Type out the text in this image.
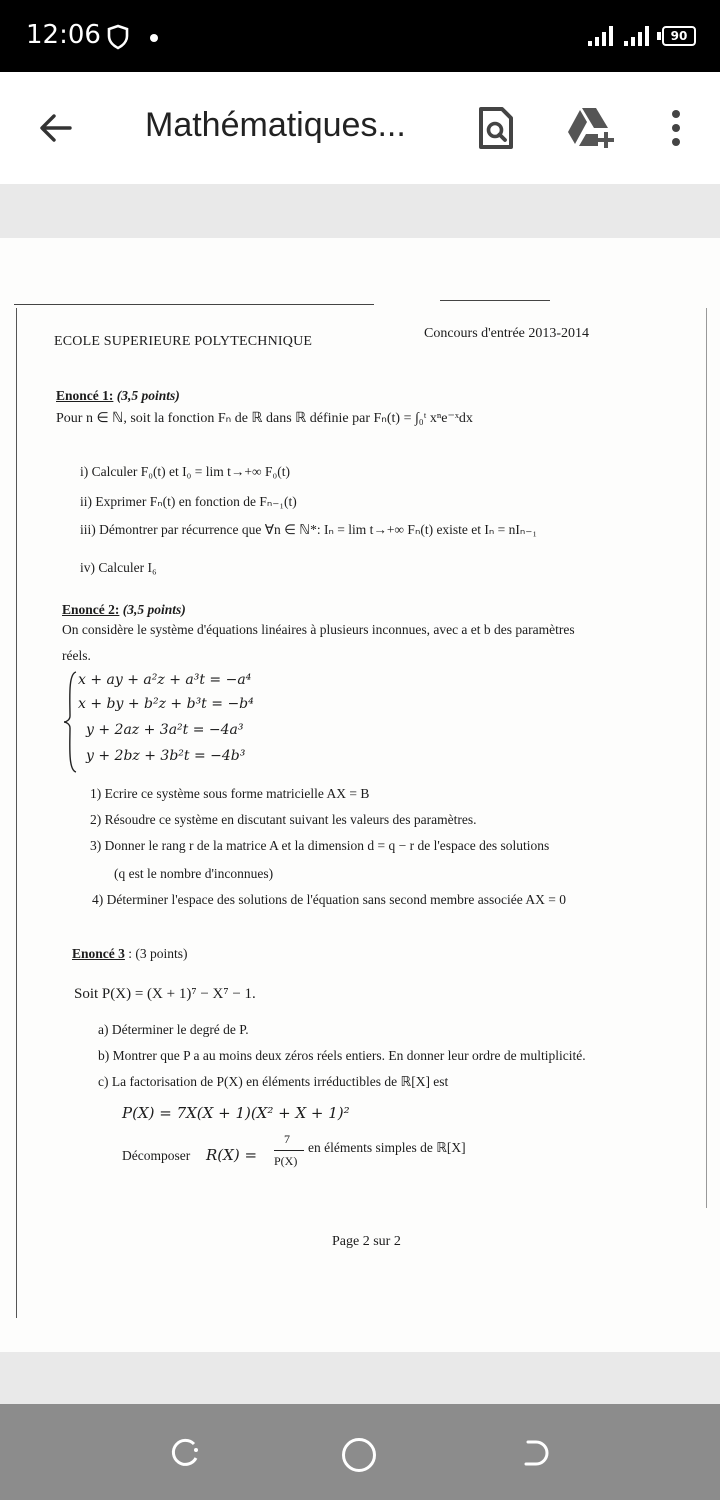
12:06	90
Mathématiques...
ECOLE SUPERIEURE POLYTECHNIQUE
Concours d'entrée 2013-2014
Enoncé 1: (3,5 points)
Pour n ∈ ℕ, soit la fonction Fₙ de ℝ dans ℝ définie par Fₙ(t) = ∫₀ᵗ xⁿe⁻ˣdx
i) Calculer F₀(t) et I₀ = lim t→+∞ F₀(t)
ii) Exprimer Fₙ(t) en fonction de Fₙ₋₁(t)
iii) Démontrer par récurrence que ∀n ∈ ℕ*: Iₙ = lim t→+∞ Fₙ(t) existe et Iₙ = nIₙ₋₁
iv) Calculer I₆
Enoncé 2: (3,5 points)
On considère le système d'équations linéaires à plusieurs inconnues, avec a et b des paramètres
réels.
x + ay + a²z + a³t = −a⁴
x + by + b²z + b³t = −b⁴
y + 2az + 3a²t = −4a³
y + 2bz + 3b²t = −4b³
1) Ecrire ce système sous forme matricielle AX = B
2) Résoudre ce système en discutant suivant les valeurs des paramètres.
3) Donner le rang r de la matrice A et la dimension d = q − r de l'espace des solutions
(q est le nombre d'inconnues)
4) Déterminer l'espace des solutions de l'équation sans second membre associée AX = 0
Enoncé 3 : (3 points)
Soit P(X) = (X + 1)⁷ − X⁷ − 1.
a) Déterminer le degré de P.
b) Montrer que P a au moins deux zéros réels entiers. En donner leur ordre de multiplicité.
c) La factorisation de P(X) en éléments irréductibles de ℝ[X] est
P(X) = 7X(X + 1)(X² + X + 1)²
Décomposer R(X) =
7
P(X)
en éléments simples de ℝ[X]
Page 2 sur 2
